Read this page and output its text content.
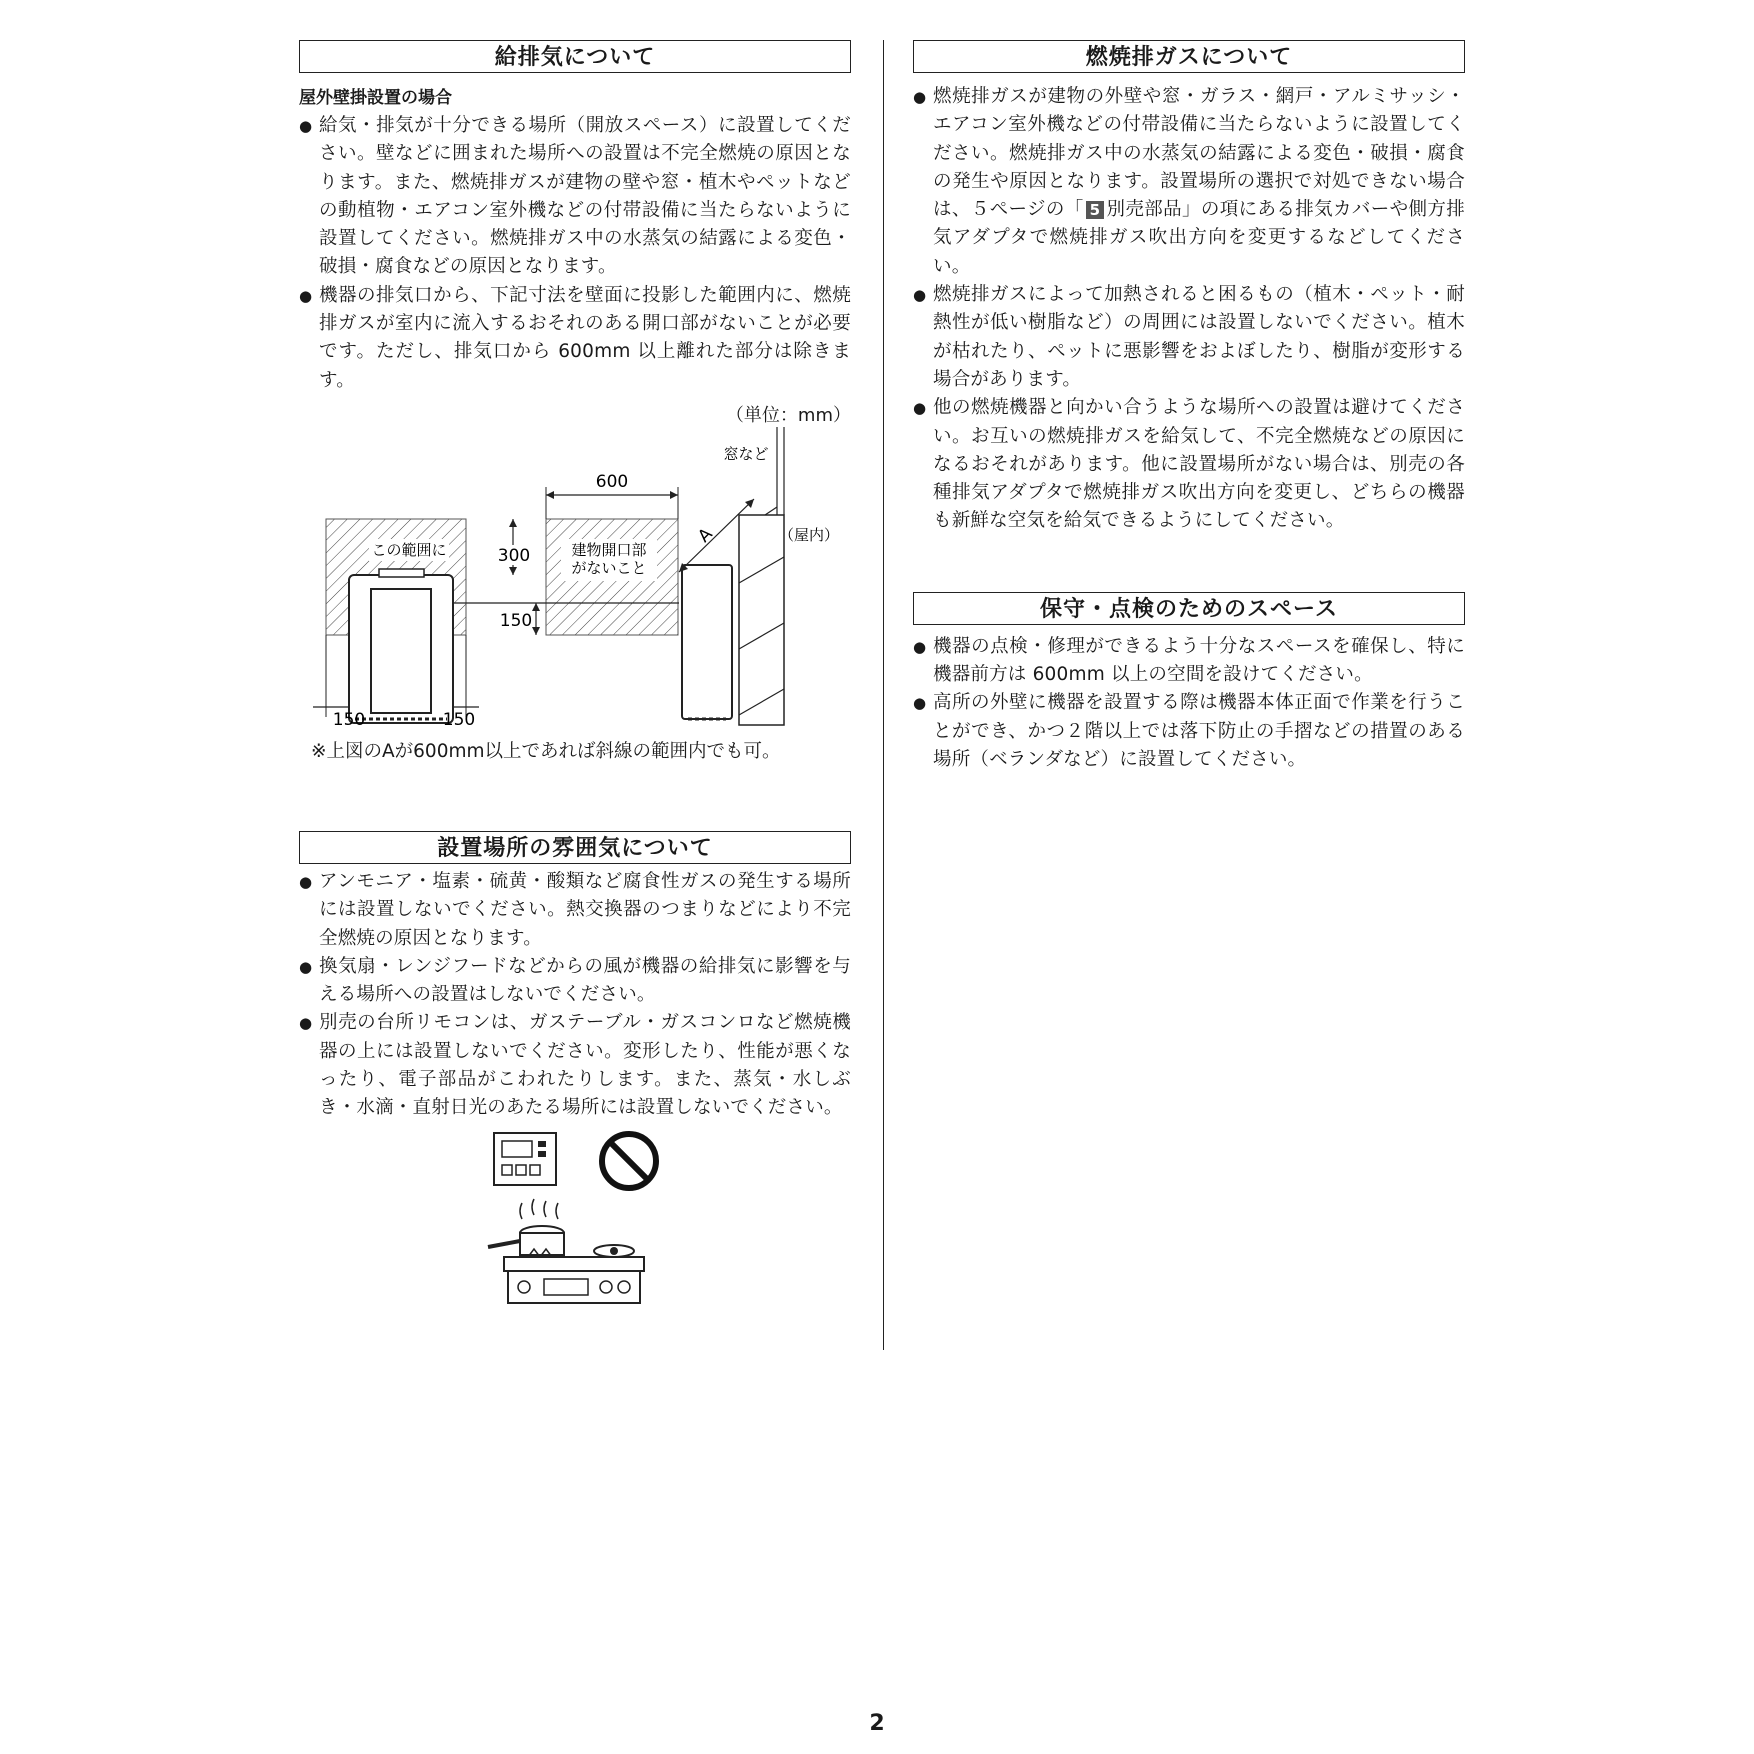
給排気について
屋外壁掛設置の場合
● 給気・排気が十分できる場所（開放スペース）に設置してください。壁などに囲まれた場所への設置は不完全燃焼の原因となります。また、燃焼排ガスが建物の壁や窓・植木やペットなどの動植物・エアコン室外機などの付帯設備に当たらないように設置してください。燃焼排ガス中の水蒸気の結露による変色・破損・腐食などの原因となります。
● 機器の排気口から、下記寸法を壁面に投影した範囲内に、燃焼排ガスが室内に流入するおそれのある開口部がないことが必要です。ただし、排気口から 600mm 以上離れた部分は除きます。
（単位：mm）
600
300
150
この範囲に	建物開口部
がないこと
150	150
窓など
（屋内）
A
※上図のAが600mm以上であれば斜線の範囲内でも可。
設置場所の雰囲気について
● アンモニア・塩素・硫黄・酸類など腐食性ガスの発生する場所には設置しないでください。熱交換器のつまりなどにより不完全燃焼の原因となります。
● 換気扇・レンジフードなどからの風が機器の給排気に影響を与える場所への設置はしないでください。
● 別売の台所リモコンは、ガステーブル・ガスコンロなど燃焼機器の上には設置しないでください。変形したり、性能が悪くなったり、電子部品がこわれたりします。また、蒸気・水しぶき・水滴・直射日光のあたる場所には設置しないでください。
燃焼排ガスについて
● 燃焼排ガスが建物の外壁や窓・ガラス・網戸・アルミサッシ・エアコン室外機などの付帯設備に当たらないように設置してください。燃焼排ガス中の水蒸気の結露による変色・破損・腐食の発生や原因となります。設置場所の選択で対処できない場合は、５ページの「 5 別売部品」の項にある排気カバーや側方排気アダプタで燃焼排ガス吹出方向を変更するなどしてください。
● 燃焼排ガスによって加熱されると困るもの（植木・ペット・耐熱性が低い樹脂など）の周囲には設置しないでください。植木が枯れたり、ペットに悪影響をおよぼしたり、樹脂が変形する場合があります。
● 他の燃焼機器と向かい合うような場所への設置は避けてください。お互いの燃焼排ガスを給気して、不完全燃焼などの原因になるおそれがあります。他に設置場所がない場合は、別売の各種排気アダプタで燃焼排ガス吹出方向を変更し、どちらの機器も新鮮な空気を給気できるようにしてください。
保守・点検のためのスペース
● 機器の点検・修理ができるよう十分なスペースを確保し、特に機器前方は 600mm 以上の空間を設けてください。
● 高所の外壁に機器を設置する際は機器本体正面で作業を行うことができ、かつ２階以上では落下防止の手摺などの措置のある場所（ベランダなど）に設置してください。
2
